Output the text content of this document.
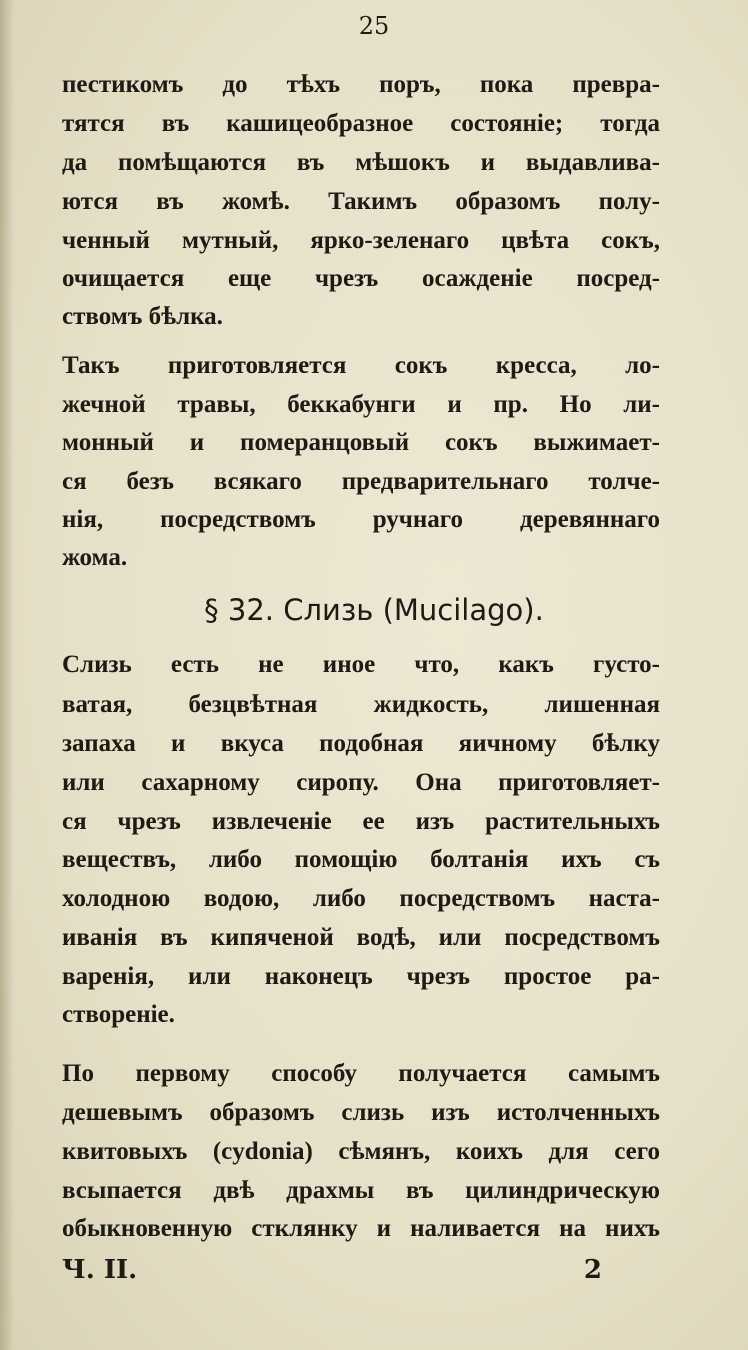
25
пестикомъ до тѣхъ поръ, пока превра-
тятся въ кашицеобразное состоянiе; тогда
да помѣщаются въ мѣшокъ и выдавлива-
ются въ жомѣ. Такимъ образомъ полу-
ченный мутный, ярко-зеленаго цвѣта сокъ,
очищается еще чрезъ осажденiе посред-
ствомъ бѣлка.
Такъ приготовляется сокъ кресса, ло-
жечной травы, беккабунги и пр. Но ли-
монный и померанцовый сокъ выжимает-
ся безъ всякаго предварительнаго толче-
нiя, посредствомъ ручнаго деревяннаго
жома.
§ 32. Слизь (Mucilago).
Слизь есть не иное что, какъ густо-
ватая, безцвѣтная жидкость, лишенная
запаха и вкуса подобная яичному бѣлку
или сахарному сиропу. Она приготовляет-
ся чрезъ извлеченiе ее изъ растительныхъ
веществъ, либо помощiю болтанiя ихъ съ
холодною водою, либо посредствомъ наста-
иванiя въ кипяченой водѣ, или посредствомъ
варенiя, или наконецъ чрезъ простое ра-
створенiе.
По первому способу получается самымъ
дешевымъ образомъ слизь изъ истолченныхъ
квитовыхъ (cydonia) сѣмянъ, коихъ для сего
всыпается двѣ драхмы въ цилиндрическую
обыкновенную стклянку и наливается на нихъ
Ч. II.	2
